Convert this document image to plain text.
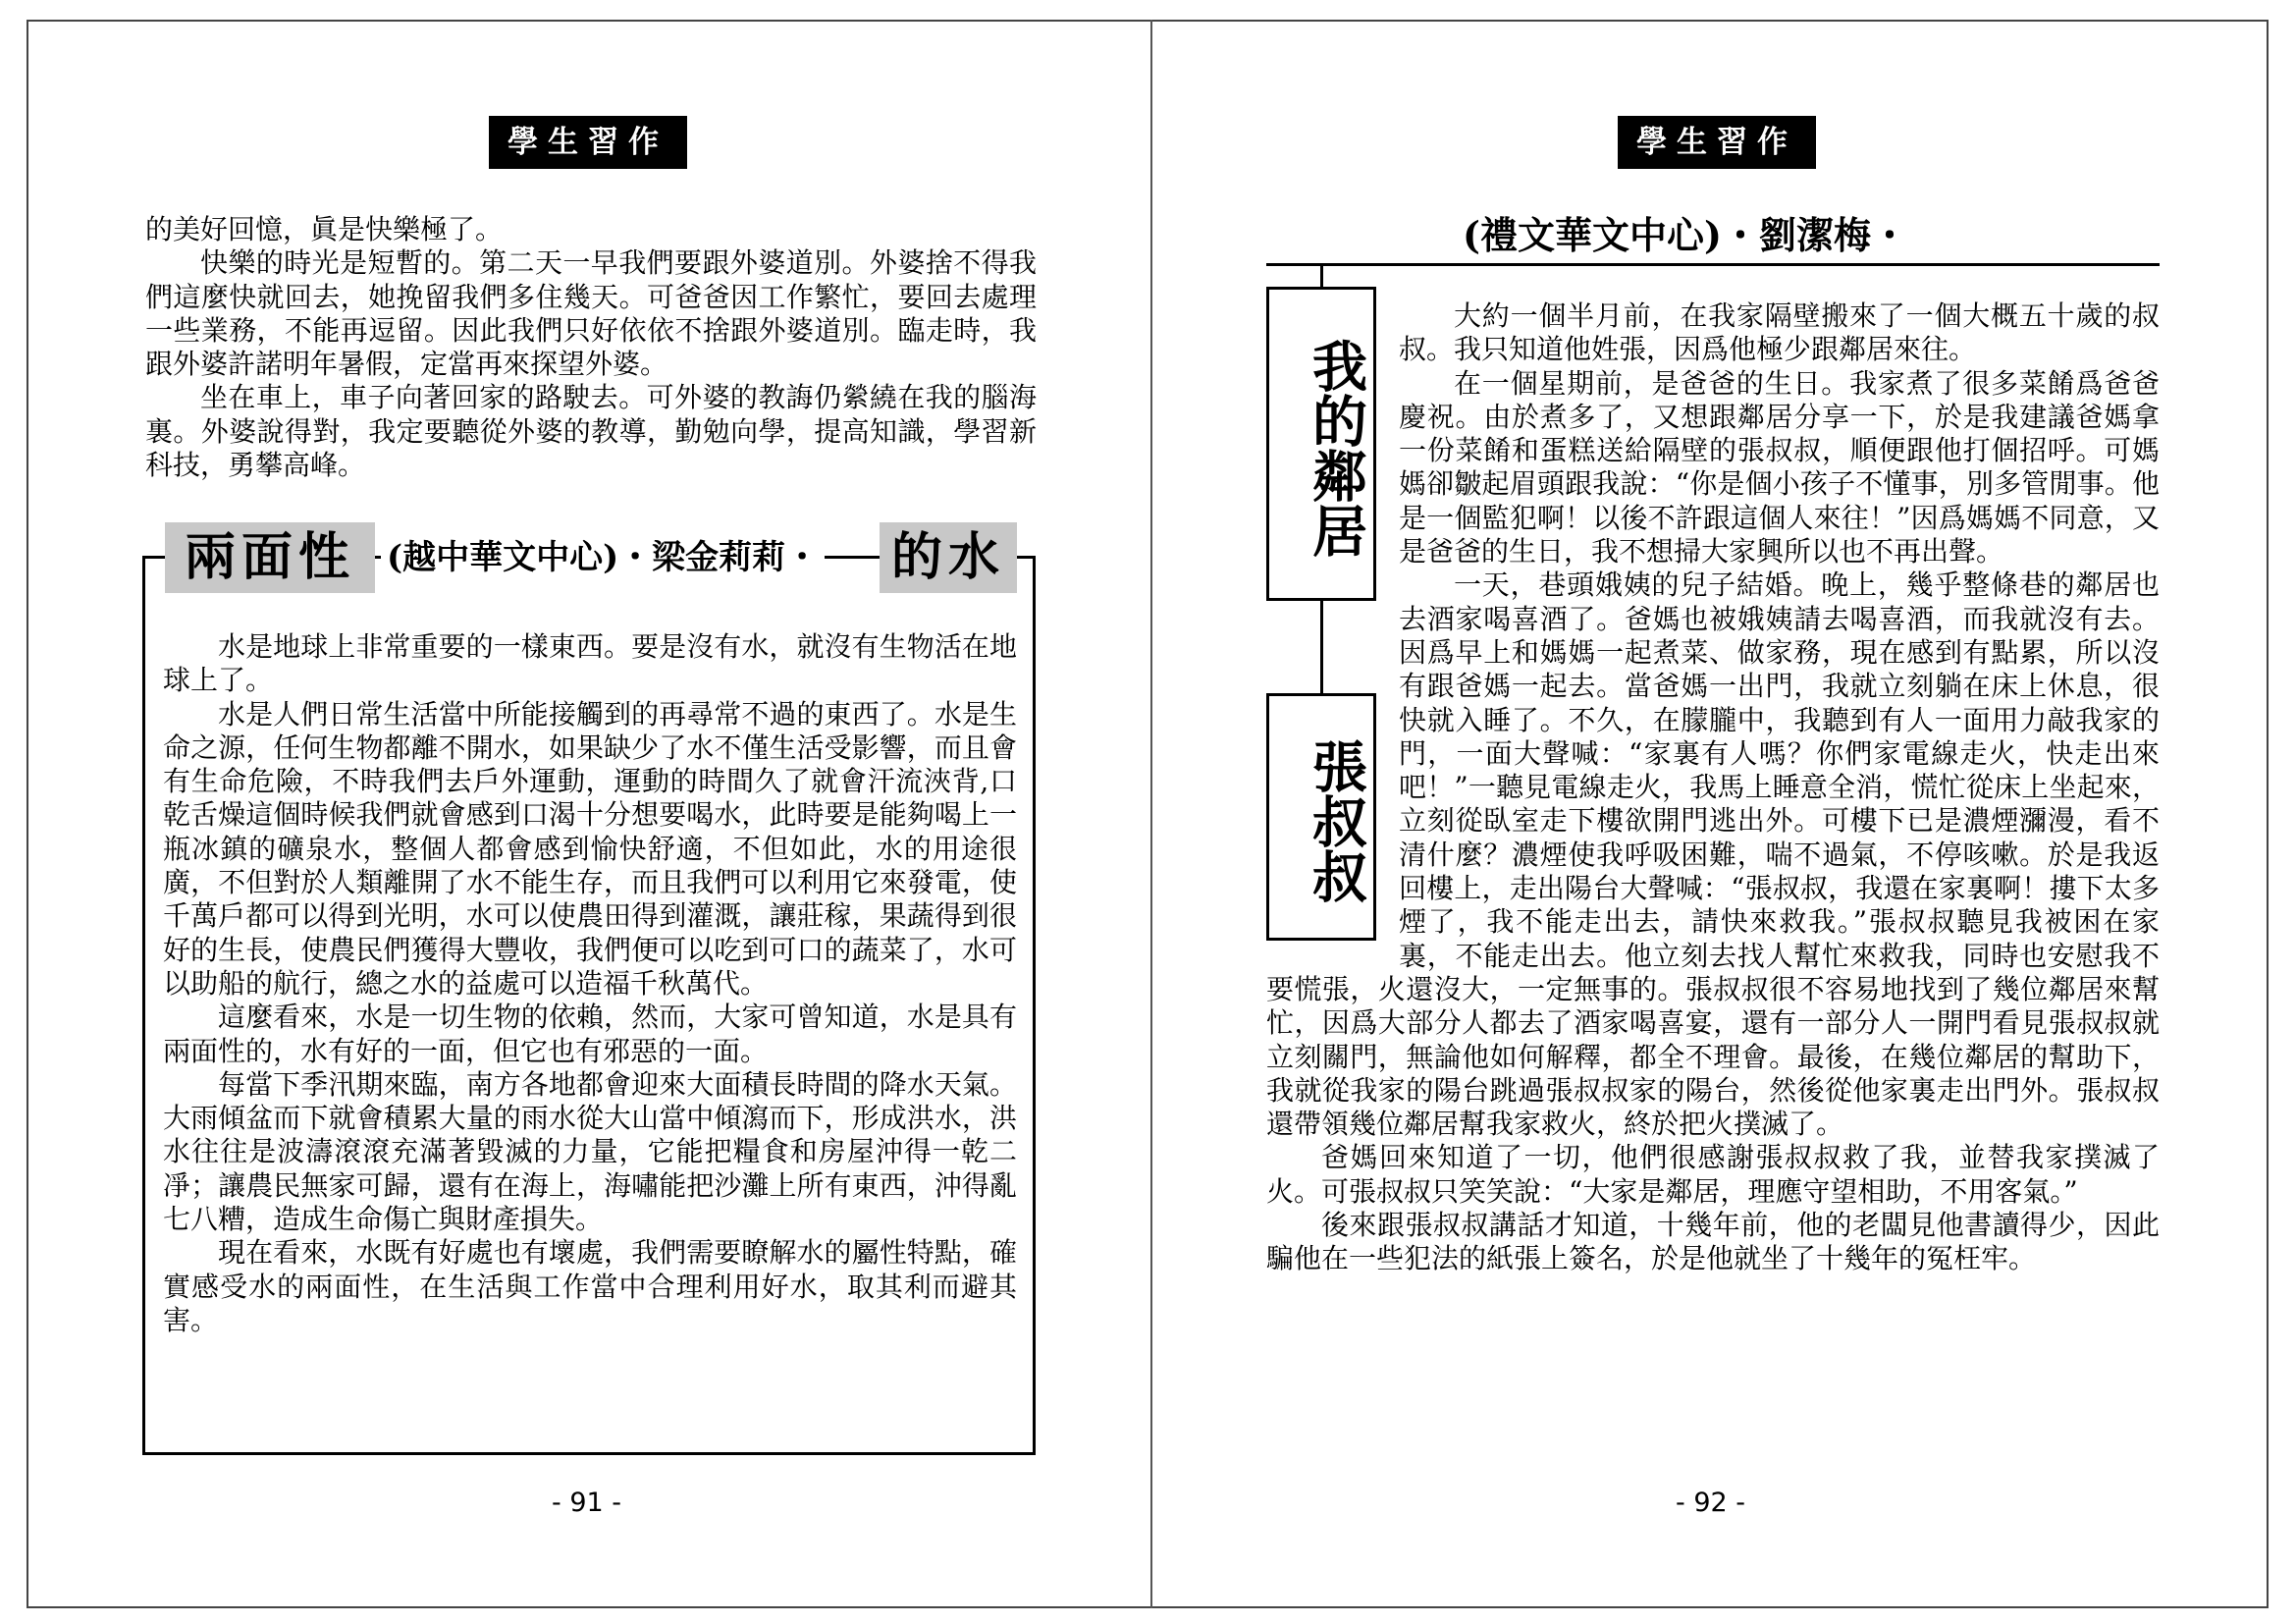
學生習作

的美好回憶，眞是快樂極了。

快樂的時光是短暫的。第二天一早我們要跟外婆道別。外婆捨不得我們這麼快就回去，她挽留我們多住幾天。可爸爸因工作繁忙，要回去處理一些業務，不能再逗留。因此我們只好依依不捨跟外婆道別。臨走時，我跟外婆許諾明年暑假，定當再來探望外婆。

坐在車上，車子向著回家的路駛去。可外婆的教誨仍縈繞在我的腦海裏。外婆說得對，我定要聽從外婆的教導，勤勉向學，提高知識，學習新科技，勇攀高峰。

兩面性 (越中華文中心)・梁金莉莉・ 的水

水是地球上非常重要的一樣東西。要是沒有水，就沒有生物活在地球上了。

水是人們日常生活當中所能接觸到的再尋常不過的東西了。水是生命之源，任何生物都離不開水，如果缺少了水不僅生活受影響，而且會有生命危險，不時我們去戶外運動，運動的時間久了就會汗流浹背,口乾舌燥這個時候我們就會感到口渴十分想要喝水，此時要是能夠喝上一瓶冰鎮的礦泉水，整個人都會感到愉快舒適，不但如此，水的用途很廣，不但對於人類離開了水不能生存，而且我們可以利用它來發電，使千萬戶都可以得到光明，水可以使農田得到灌溉，讓莊稼，果蔬得到很好的生長，使農民們獲得大豐收，我們便可以吃到可口的蔬菜了，水可以助船的航行，總之水的益處可以造福千秋萬代。

這麼看來，水是一切生物的依賴，然而，大家可曾知道，水是具有兩面性的，水有好的一面，但它也有邪惡的一面。

每當下季汛期來臨，南方各地都會迎來大面積長時間的降水天氣。大雨傾盆而下就會積累大量的雨水從大山當中傾瀉而下，形成洪水，洪水往往是波濤滾滾充滿著毀滅的力量，它能把糧食和房屋沖得一乾二凈；讓農民無家可歸，還有在海上，海嘯能把沙灘上所有東西，沖得亂七八糟，造成生命傷亡與財產損失。

現在看來，水既有好處也有壞處，我們需要瞭解水的屬性特點，確實感受水的兩面性，在生活與工作當中合理利用好水，取其利而避其害。

- 91 -
學生習作
(禮文華文中心)・劉潔梅・
我的鄰居
張叔叔

大約一個半月前，在我家隔壁搬來了一個大概五十歲的叔叔。我只知道他姓張，因爲他極少跟鄰居來往。

在一個星期前，是爸爸的生日。我家煮了很多菜餚爲爸爸慶祝。由於煮多了，又想跟鄰居分享一下，於是我建議爸媽拿一份菜餚和蛋糕送給隔壁的張叔叔，順便跟他打個招呼。可媽媽卻皺起眉頭跟我說：“你是個小孩子不懂事，別多管閒事。他是一個監犯啊！以後不許跟這個人來往！”因爲媽媽不同意，又是爸爸的生日，我不想掃大家興所以也不再出聲。

一天，巷頭娥姨的兒子結婚。晚上，幾乎整條巷的鄰居也去酒家喝喜酒了。爸媽也被娥姨請去喝喜酒，而我就沒有去。因爲早上和媽媽一起煮菜、做家務，現在感到有點累，所以沒有跟爸媽一起去。當爸媽一出門，我就立刻躺在床上休息，很快就入睡了。不久，在朦朧中，我聽到有人一面用力敲我家的門，一面大聲喊：“家裏有人嗎？你們家電線走火，快走出來吧！”一聽見電線走火，我馬上睡意全消，慌忙從床上坐起來，立刻從臥室走下樓欲開門逃出外。可樓下已是濃煙瀰漫，看不清什麼？濃煙使我呼吸困難，喘不過氣，不停咳嗽。於是我返回樓上，走出陽台大聲喊：“張叔叔，我還在家裏啊！摟下太多煙了，我不能走出去，請快來救我。”張叔叔聽見我被困在家裏，不能走出去。他立刻去找人幫忙來救我，同時也安慰我不要慌張，火還沒大，一定無事的。張叔叔很不容易地找到了幾位鄰居來幫忙，因爲大部分人都去了酒家喝喜宴，還有一部分人一開門看見張叔叔就立刻關門，無論他如何解釋，都全不理會。最後，在幾位鄰居的幫助下，我就從我家的陽台跳過張叔叔家的陽台，然後從他家裏走出門外。張叔叔還帶領幾位鄰居幫我家救火，終於把火撲滅了。

爸媽回來知道了一切，他們很感謝張叔叔救了我，並替我家撲滅了火。可張叔叔只笑笑說：“大家是鄰居，理應守望相助，不用客氣。”

後來跟張叔叔講話才知道，十幾年前，他的老闆見他書讀得少，因此騙他在一些犯法的紙張上簽名，於是他就坐了十幾年的冤枉牢。

- 92 -
